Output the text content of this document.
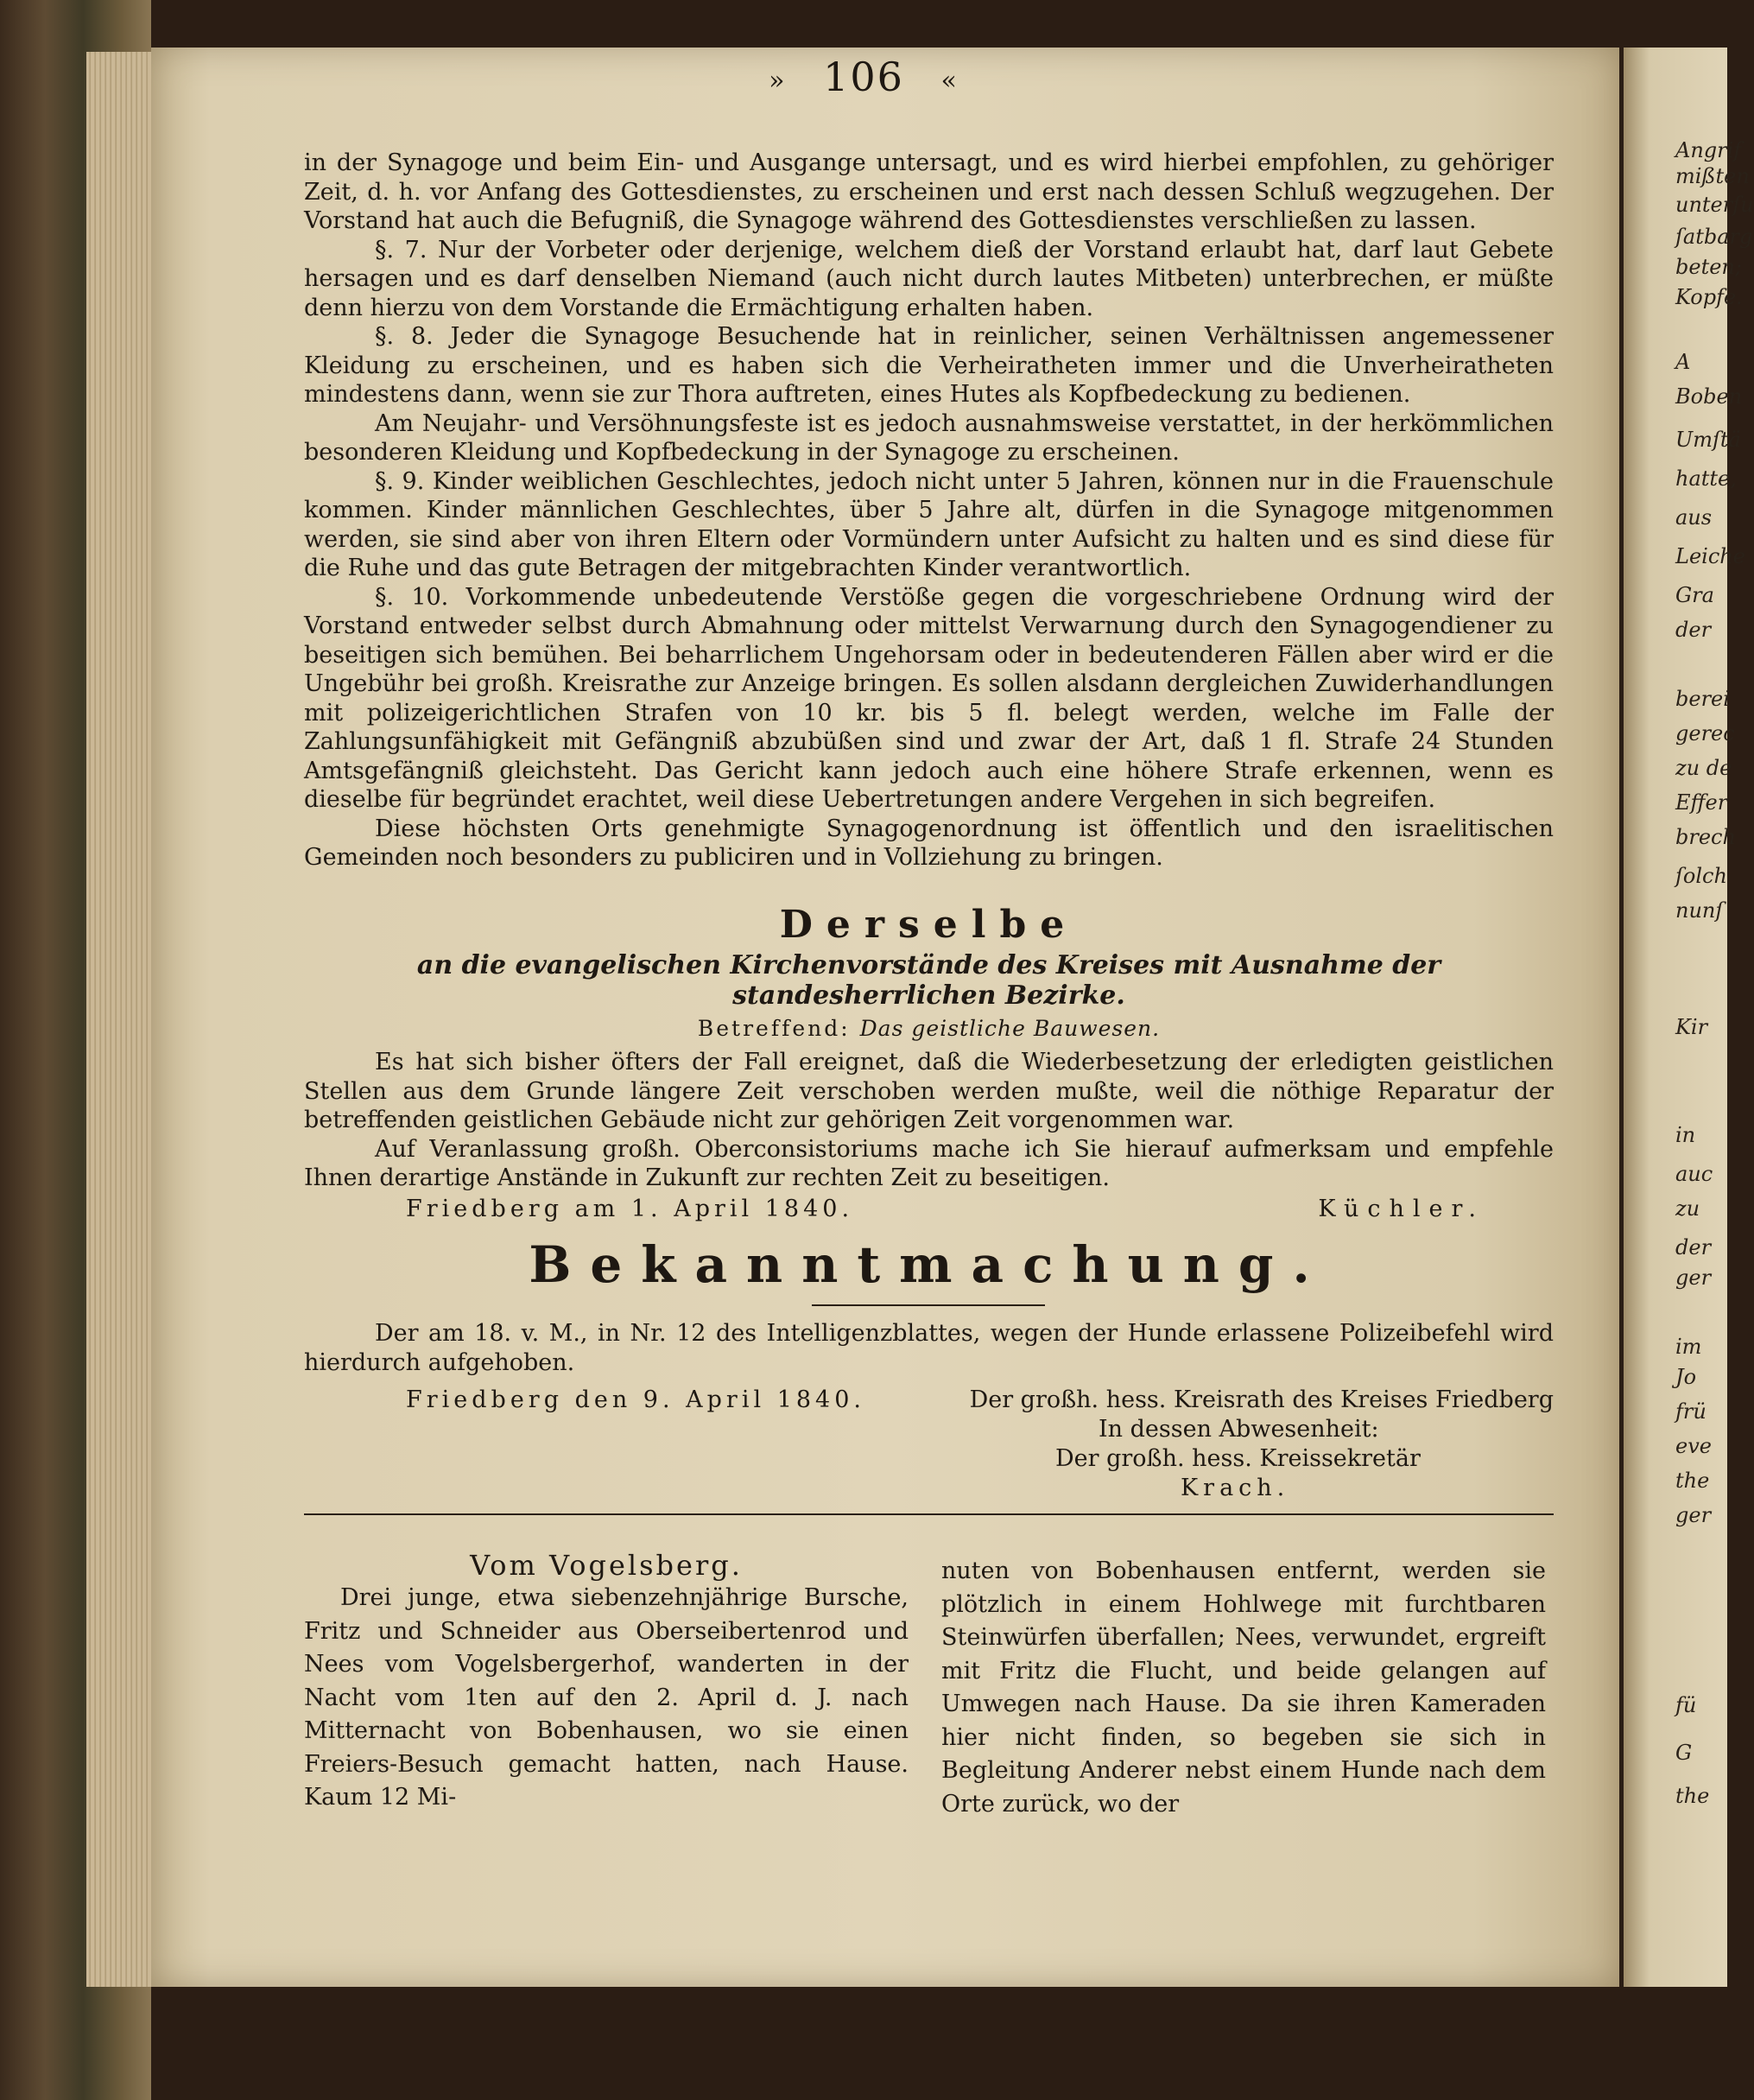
Angrif
mißten
unterſu
ſatbarg
beten;
Kopfe.
A
Boben
Umſtä
hatte,
aus
Leiche
Gra
der
berei
gerec
zu de
Effer
brech
ſolch
nunſ
Kir
in
auc
zu
der
ger
im
Jo
frü
eve
the
ger
fü
G
the
» 106 «

in der Synagoge und beim Ein- und Ausgange untersagt, und es wird hierbei empfohlen, zu gehöriger Zeit, d. h. vor Anfang des Gottesdienstes, zu erscheinen und erst nach dessen Schluß wegzugehen. Der Vorstand hat auch die Befugniß, die Synagoge während des Gottesdienstes verschließen zu lassen.

§. 7. Nur der Vorbeter oder derjenige, welchem dieß der Vorstand erlaubt hat, darf laut Gebete hersagen und es darf denselben Niemand (auch nicht durch lautes Mitbeten) unterbrechen, er müßte denn hierzu von dem Vorstande die Ermächtigung erhalten haben.

§. 8. Jeder die Synagoge Besuchende hat in reinlicher, seinen Verhältnissen angemessener Kleidung zu erscheinen, und es haben sich die Verheiratheten immer und die Unverheiratheten mindestens dann, wenn sie zur Thora auftreten, eines Hutes als Kopfbedeckung zu bedienen.

Am Neujahr- und Versöhnungsfeste ist es jedoch ausnahmsweise verstattet, in der herkömmlichen besonderen Kleidung und Kopfbedeckung in der Synagoge zu erscheinen.

§. 9. Kinder weiblichen Geschlechtes, jedoch nicht unter 5 Jahren, können nur in die Frauenschule kommen. Kinder männlichen Geschlechtes, über 5 Jahre alt, dürfen in die Synagoge mitgenommen werden, sie sind aber von ihren Eltern oder Vormündern unter Aufsicht zu halten und es sind diese für die Ruhe und das gute Betragen der mitgebrachten Kinder verantwortlich.

§. 10. Vorkommende unbedeutende Verstöße gegen die vorgeschriebene Ordnung wird der Vorstand entweder selbst durch Abmahnung oder mittelst Verwarnung durch den Synagogendiener zu beseitigen sich bemühen. Bei beharrlichem Ungehorsam oder in bedeutenderen Fällen aber wird er die Ungebühr bei großh. Kreisrathe zur Anzeige bringen. Es sollen alsdann dergleichen Zuwiderhandlungen mit polizeigerichtlichen Strafen von 10 kr. bis 5 fl. belegt werden, welche im Falle der Zahlungsunfähigkeit mit Gefängniß abzubüßen sind und zwar der Art, daß 1 fl. Strafe 24 Stunden Amtsgefängniß gleichsteht. Das Gericht kann jedoch auch eine höhere Strafe erkennen, wenn es dieselbe für begründet erachtet, weil diese Uebertretungen andere Vergehen in sich begreifen.

Diese höchsten Orts genehmigte Synagogenordnung ist öffentlich und den israelitischen Gemeinden noch besonders zu publiciren und in Vollziehung zu bringen.

Derselbe
an die evangelischen Kirchenvorstände des Kreises mit Ausnahme der standesherrlichen Bezirke.
Betreffend: Das geistliche Bauwesen.

Es hat sich bisher öfters der Fall ereignet, daß die Wiederbesetzung der erledigten geistlichen Stellen aus dem Grunde längere Zeit verschoben werden mußte, weil die nöthige Reparatur der betreffenden geistlichen Gebäude nicht zur gehörigen Zeit vorgenommen war.

Auf Veranlassung großh. Oberconsistoriums mache ich Sie hierauf aufmerksam und empfehle Ihnen derartige Anstände in Zukunft zur rechten Zeit zu beseitigen.

Friedberg am 1. April 1840.	Küchler.
Bekanntmachung.

Der am 18. v. M., in Nr. 12 des Intelligenzblattes, wegen der Hunde erlassene Polizeibefehl wird hierdurch aufgehoben.

Friedberg den 9. April 1840.	Der großh. hess. Kreisrath des Kreises Friedberg
In dessen Abwesenheit:
Der großh. hess. Kreissekretär
Krach.
Vom Vogelsberg.

Drei junge, etwa siebenzehnjährige Bursche, Fritz und Schneider aus Oberseibertenrod und Nees vom Vogelsbergerhof, wanderten in der Nacht vom 1ten auf den 2. April d. J. nach Mitternacht von Bobenhausen, wo sie einen Freiers-Besuch gemacht hatten, nach Hause. Kaum 12 Mi-

nuten von Bobenhausen entfernt, werden sie plötzlich in einem Hohlwege mit furchtbaren Steinwürfen überfallen; Nees, verwundet, ergreift mit Fritz die Flucht, und beide gelangen auf Umwegen nach Hause. Da sie ihren Kameraden hier nicht finden, so begeben sie sich in Begleitung Anderer nebst einem Hunde nach dem Orte zurück, wo der
